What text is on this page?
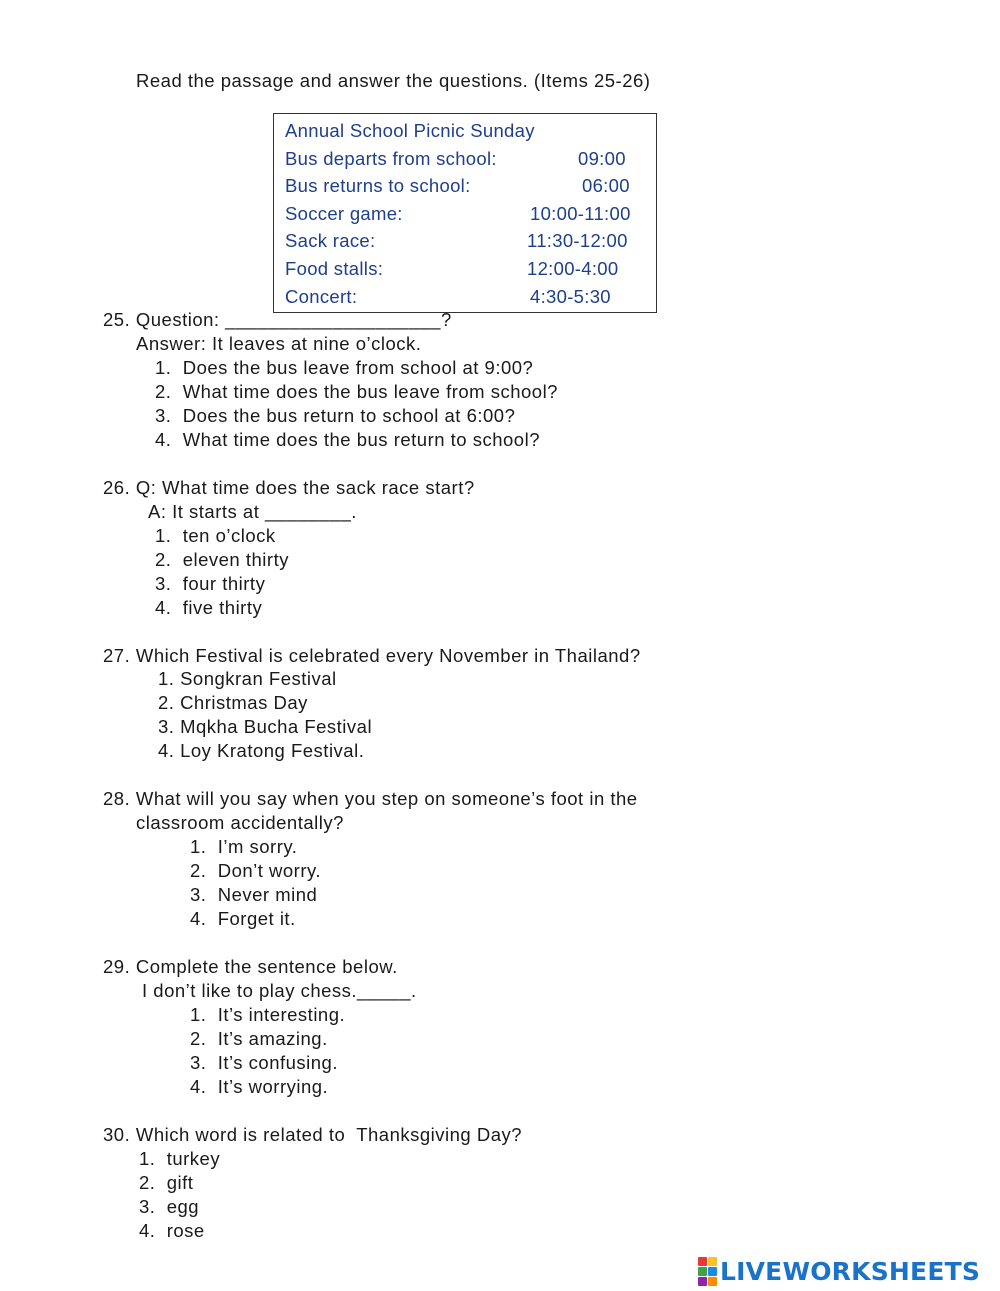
Read the passage and answer the questions. (Items 25-26)
Annual School Picnic Sunday
Bus departs from school:	09:00
Bus returns to school:	06:00
Soccer game:	10:00-11:00
Sack race:	11:30-12:00
Food stalls:	12:00-4:00
Concert:	4:30-5:30
25. Question: ____________________?
Answer: It leaves at nine o’clock.
1.  Does the bus leave from school at 9:00?
2.  What time does the bus leave from school?
3.  Does the bus return to school at 6:00?
4.  What time does the bus return to school?
26. Q: What time does the sack race start?
A: It starts at ________.
1.  ten o’clock
2.  eleven thirty
3.  four thirty
4.  five thirty
27. Which Festival is celebrated every November in Thailand?
1. Songkran Festival
2. Christmas Day
3. Mqkha Bucha Festival
4. Loy Kratong Festival.
28. What will you say when you step on someone’s foot in the
classroom accidentally?
1.  I’m sorry.
2.  Don’t worry.
3.  Never mind
4.  Forget it.
29. Complete the sentence below.
I don’t like to play chess._____.
1.  It’s interesting.
2.  It’s amazing.
3.  It’s confusing.
4.  It’s worrying.
30. Which word is related to  Thanksgiving Day?
1.  turkey
2.  gift
3.  egg
4.  rose
LIVEWORKSHEETS
